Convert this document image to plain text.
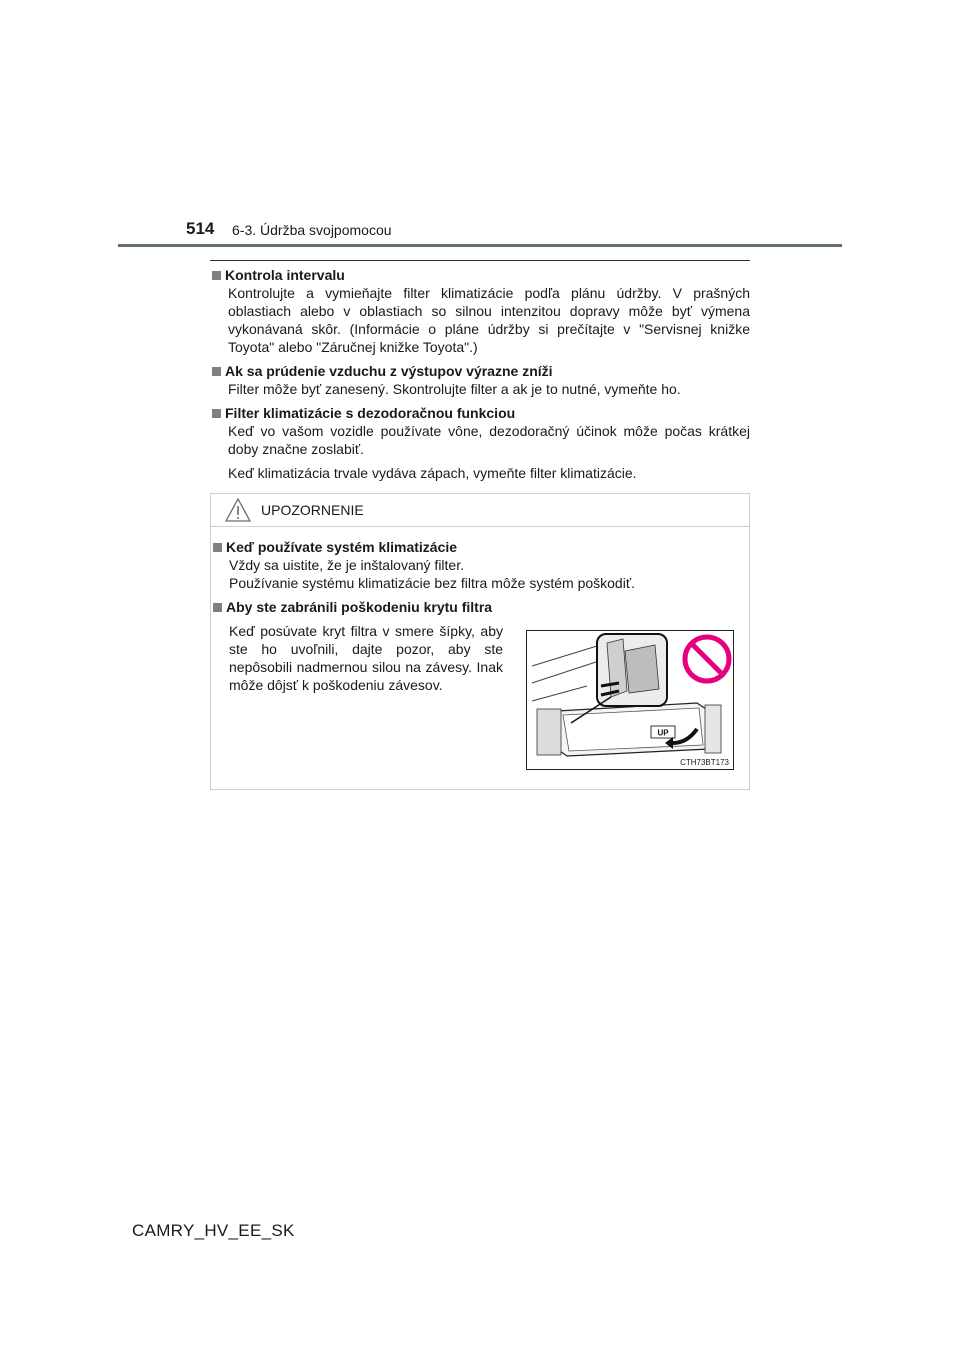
514 6-3. Údržba svojpomocou
Kontrola intervalu

Kontrolujte a vymieňajte filter klimatizácie podľa plánu údržby. V prašných oblastiach alebo v oblastiach so silnou intenzitou dopravy môže byť výmena vykonávaná skôr. (Informácie o pláne údržby si prečítajte v "Servisnej knižke Toyota" alebo "Záručnej knižke Toyota".)

Ak sa prúdenie vzduchu z výstupov výrazne zníži

Filter môže byť zanesený. Skontrolujte filter a ak je to nutné, vymeňte ho.

Filter klimatizácie s dezodoračnou funkciou

Keď vo vašom vozidle používate vône, dezodoračný účinok môže počas krátkej doby značne zoslabiť.

Keď klimatizácia trvale vydáva zápach, vymeňte filter klimatizácie.

UPOZORNENIE
Keď používate systém klimatizácie

Vždy sa uistite, že je inštalovaný filter.

Používanie systému klimatizácie bez filtra môže systém poškodiť.

Aby ste zabránili poškodeniu krytu filtra
Keď posúvate kryt filtra v smere šípky, aby ste ho uvoľnili, dajte pozor, aby ste nepôsobili nadmernou silou na závesy. Inak môže dôjsť k poškodeniu závesov.
UP
CTH73BT173
CAMRY_HV_EE_SK
